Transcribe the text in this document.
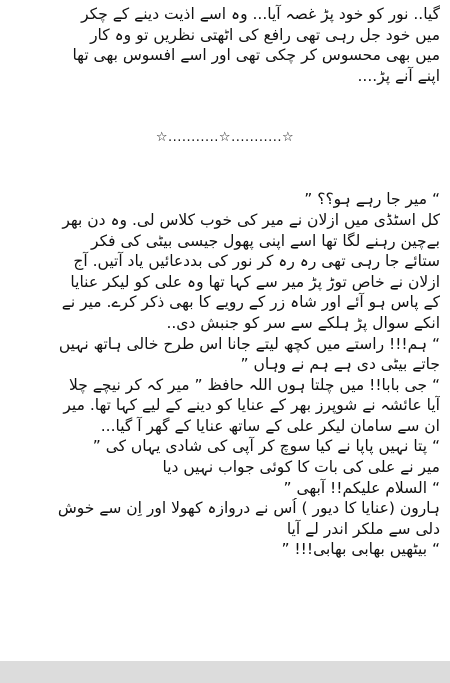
گیا.. نور کو خود پڑ غصہ آیا... وہ اسے اذیت دینے کے چکر
میں خود جل رہی تھی رافع کی اٹھتی نظریں تو وہ کار
میں بھی محسوس کر چکی تھی اور اسے افسوس بھی تھا
اپنے آنے پڑ....
☆...........☆...........☆
“ میر جا رہے ہو؟؟ ”
کل اسٹڈی میں ازلان نے میر کی خوب کلاس لی. وہ دن بھر
بےچین رہنے لگا تھا اسے اپنی پھول جیسی بیٹی کی فکر
ستائے جا رہی تھی رہ رہ کر نور کی بددعائیں یاد آتیں. آج
ازلان نے خاص توڑ پڑ میر سے کہا تھا وہ علی کو لیکر عنایا
کے پاس ہو آئے اور شاہ زر کے رویے کا بھی ذکر کرے. میر نے
انکے سوال پڑ ہلکے سے سر کو جنبش دی..
“ ہم!!! راستے میں کچھ لیتے جانا اس طرح خالی ہاتھ نہیں
جاتے بیٹی دی ہے ہم نے وہاں ”
“ جی بابا!! میں چلتا ہوں اللہ حافظ ” میر کہ کر نیچے چلا
آیا عائشہ نے شوپرز بھر کے عنایا کو دینے کے لیے کہا تھا. میر
ان سے سامان لیکر علی کے ساتھ عنایا کے گھر آ گیا...
“ پتا نہیں پاپا نے کیا سوچ کر آپی کی شادی یہاں کی ”
میر نے علی کی بات کا کوئی جواب نہیں دیا
“ السلام علیکم!! آبھی ”
ہارون (عنایا کا دیور ) اُس نے دروازہ کھولا اور اِن سے خوش
دلی سے ملکر اندر لے آیا
“ بیٹھیں بھابی بھابی!!! ”
